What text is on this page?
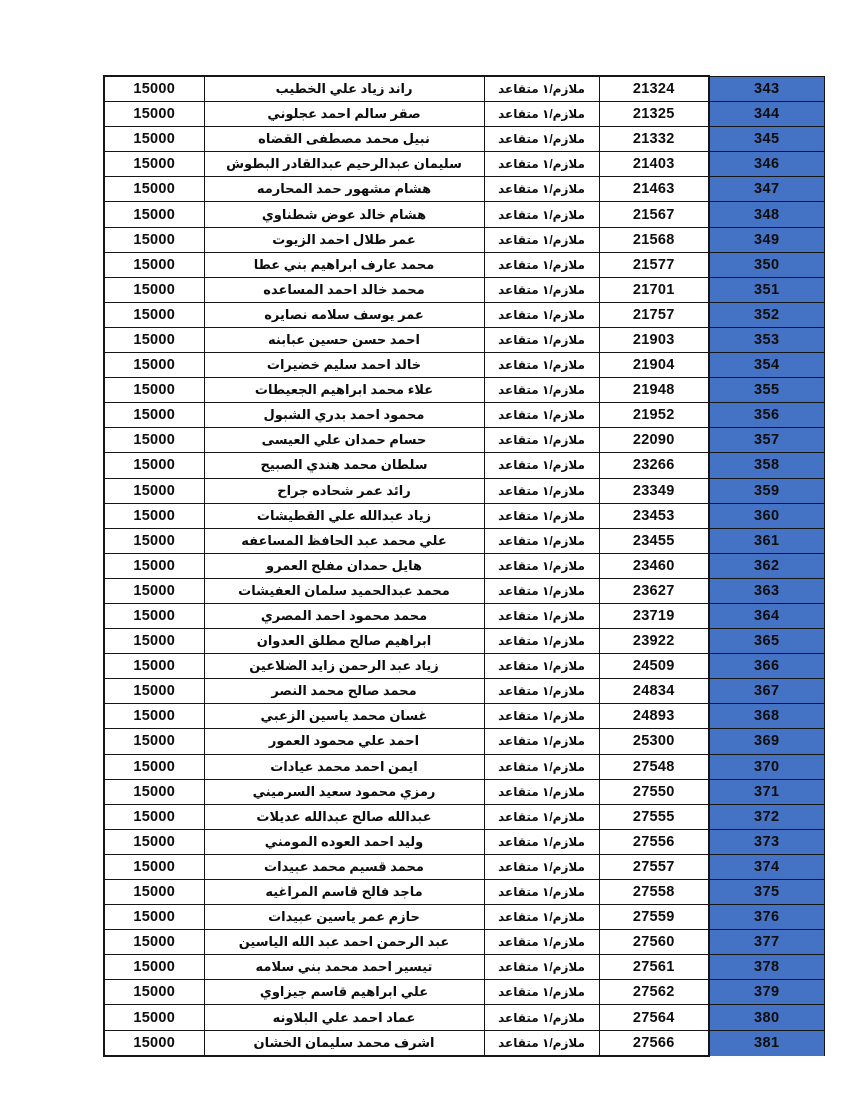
15000	راند زياد علي الخطيب	ملازم/١ متقاعد	21324	343
15000	صقر سالم احمد عجلوني	ملازم/١ متقاعد	21325	344
15000	نبيل محمد مصطفى القضاه	ملازم/١ متقاعد	21332	345
15000	سليمان عبدالرحيم عبدالقادر البطوش	ملازم/١ متقاعد	21403	346
15000	هشام مشهور حمد المحارمه	ملازم/١ متقاعد	21463	347
15000	هشام خالد عوض شطناوي	ملازم/١ متقاعد	21567	348
15000	عمر طلال احمد الزيوت	ملازم/١ متقاعد	21568	349
15000	محمد عارف ابراهيم بني عطا	ملازم/١ متقاعد	21577	350
15000	محمد خالد احمد المساعده	ملازم/١ متقاعد	21701	351
15000	عمر يوسف سلامه نصايره	ملازم/١ متقاعد	21757	352
15000	احمد حسن حسين عبابنه	ملازم/١ متقاعد	21903	353
15000	خالد احمد سليم خضيرات	ملازم/١ متقاعد	21904	354
15000	علاء محمد ابراهيم الجعيطات	ملازم/١ متقاعد	21948	355
15000	محمود احمد بدري الشبول	ملازم/١ متقاعد	21952	356
15000	حسام حمدان علي العيسى	ملازم/١ متقاعد	22090	357
15000	سلطان محمد هندي الصبيح	ملازم/١ متقاعد	23266	358
15000	رائد عمر شحاده جراح	ملازم/١ متقاعد	23349	359
15000	زياد عبدالله علي القطيشات	ملازم/١ متقاعد	23453	360
15000	علي محمد عبد الحافظ المساعفه	ملازم/١ متقاعد	23455	361
15000	هايل حمدان مفلح العمرو	ملازم/١ متقاعد	23460	362
15000	محمد عبدالحميد سلمان العفيشات	ملازم/١ متقاعد	23627	363
15000	محمد محمود احمد المصري	ملازم/١ متقاعد	23719	364
15000	ابراهيم صالح مطلق العدوان	ملازم/١ متقاعد	23922	365
15000	زياد عبد الرحمن زايد الضلاعين	ملازم/١ متقاعد	24509	366
15000	محمد صالح محمد النصر	ملازم/١ متقاعد	24834	367
15000	غسان محمد ياسين الزعبي	ملازم/١ متقاعد	24893	368
15000	احمد علي محمود العمور	ملازم/١ متقاعد	25300	369
15000	ايمن احمد محمد عيادات	ملازم/١ متقاعد	27548	370
15000	رمزي محمود سعيد السرميني	ملازم/١ متقاعد	27550	371
15000	عبدالله صالح عبدالله عديلات	ملازم/١ متقاعد	27555	372
15000	وليد احمد العوده المومني	ملازم/١ متقاعد	27556	373
15000	محمد قسيم محمد عبيدات	ملازم/١ متقاعد	27557	374
15000	ماجد فالح قاسم المراغيه	ملازم/١ متقاعد	27558	375
15000	حازم عمر ياسين عبيدات	ملازم/١ متقاعد	27559	376
15000	عبد الرحمن احمد عبد الله الياسين	ملازم/١ متقاعد	27560	377
15000	تيسير احمد محمد بني سلامه	ملازم/١ متقاعد	27561	378
15000	علي ابراهيم قاسم جيزاوي	ملازم/١ متقاعد	27562	379
15000	عماد احمد علي البلاونه	ملازم/١ متقاعد	27564	380
15000	اشرف محمد سليمان الخشان	ملازم/١ متقاعد	27566	381
